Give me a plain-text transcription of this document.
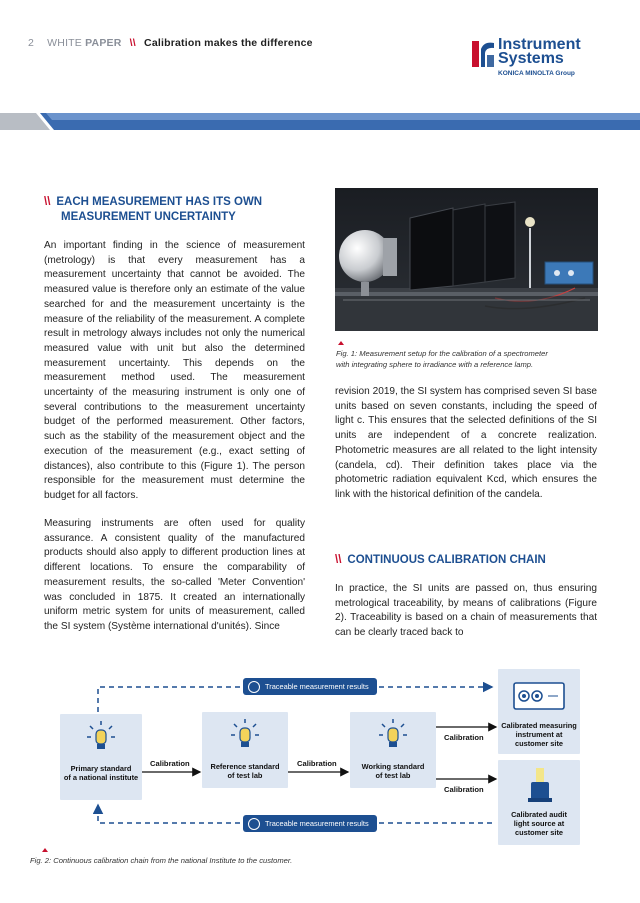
2 WHITE PAPER \\ Calibration makes the difference	Instrument
Systems
KONICA MINOLTA Group
\\ EACH MEASUREMENT HAS ITS OWN
MEASUREMENT UNCERTAINTY

An important finding in the science of measurement (metrology) is that every measurement has a measurement uncertainty that cannot be avoided. The measured value is therefore only an estimate of the value searched for and the measurement uncertainty is the measure of the reliability of the measurement. A complete result in metrology always includes not only the numerical measured value with unit but also the determined measurement uncertainty. This depends on the measurement method used. The measurement uncertainty of the measuring instrument is only one of several contributions to the measurement uncertainty budget of the performed measurement. Other factors, such as the stability of the measurement object and the execution of the measurement (e.g., exact setting of distances), also contribute to this (Figure 1). The person responsible for the measurement must determine the budget for all factors.

Measuring instruments are often used for quality assurance. A consistent quality of the manufactured products should also apply to different production lines at different locations. To ensure the comparability of measurement results, the so-called 'Meter Convention' was concluded in 1875. It created an internationally uniform metric system for units of measurement, called the SI system (Système international d'unités). Since

Fig. 1: Measurement setup for the calibration of a spectrometer
with integrating sphere to irradiance with a reference lamp.

revision 2019, the SI system has comprised seven SI base units based on seven constants, including the speed of light c. This ensures that the selected definitions of the SI units are independent of a concrete realization. Photometric measures are all related to the light intensity (candela, cd). Their definition takes place via the photometric radiation equivalent Kcd, which ensures the link with the historical definition of the candela.

\\ CONTINUOUS CALIBRATION CHAIN

In practice, the SI units are passed on, thus ensuring metrological traceability, by means of calibrations (Figure 2). Traceability is based on a chain of measurements that can be clearly traced back to

Traceable measurement results
Traceable measurement results
Primary standard
of a national institute
Reference standard
of test lab
Working standard
of test lab
Calibrated measuring
instrument at
customer site
Calibrated audit
light source at
customer site
Calibration	Calibration
Calibration
Calibration
Fig. 2: Continuous calibration chain from the national Institute to the customer.
